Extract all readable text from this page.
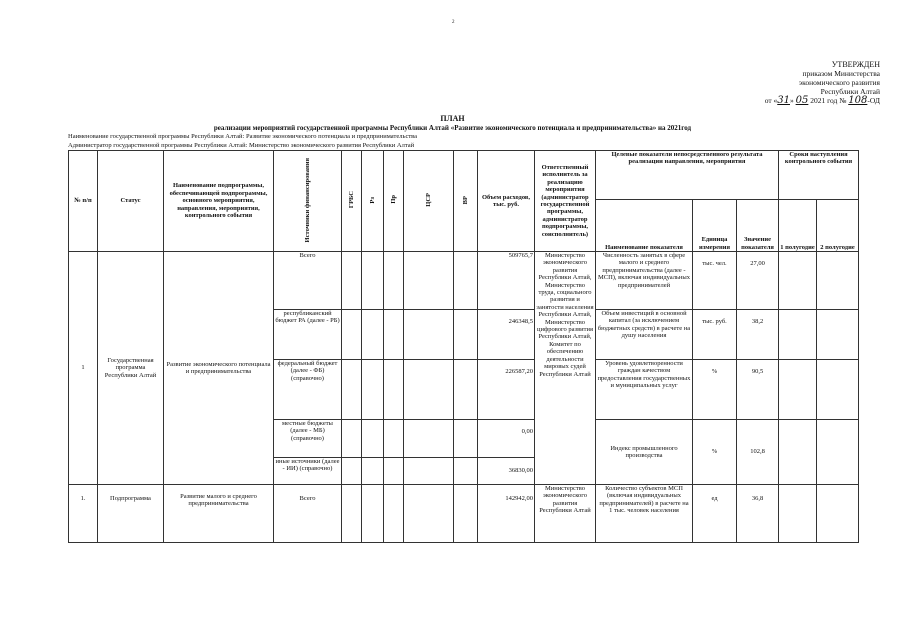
2
УТВЕРЖДЕН
приказом Министерства
экономического развития
Республики Алтай
от «31» 05 2021 год № 108-ОД
ПЛАН
реализации мероприятий государственной программы Республики Алтай «Развитие экономического потенциала и предпринимательства» на 2021год
Наименование государственной программы Республики Алтай: Развитие экономического потенциала и предпринимательства
Администратор государственной программы Республики Алтай: Министерство экономического развития Республики Алтай
№ п/п	Статус	Наименование подпрограммы, обеспечивающей подпрограммы, основного мероприятия, направления, мероприятия, контрольного события	Источники финансирования	ГРБС	Рз	Пр	ЦСР	ВР	Объем расходов, тыс. руб.	Ответственный исполнитель за реализацию мероприятия (администратор государственной программы, администратор подпрограммы, соисполнитель)	Целевые показатели непосредственного результата реализации направления, мероприятия			Сроки наступления контрольного события	
											Наименование показателя	Единица измерения	Значение показателя	1 полугодие	2 полугодие
1	Государственная программа Республики Алтай	Развитие экономического потенциала и предпринимательства	Всего						509765,7	Министерство экономического развития Республики Алтай, Министерство труда, социального развития и занятости населения Республики Алтай, Министерство цифрового развития Республики Алтай, Комитет по обеспечению деятельности мировых судей Республики Алтай	Численность занятых в сфере малого и среднего предпринимательства (далее - МСП), включая индивидуальных предпринимателей	тыс. чел.	27,00		
			республиканский бюджет РА (далее - РБ)						246348,5		Объем инвестиций в основной капитал (за исключением бюджетных средств) в расчете на душу населения	тыс. руб.	38,2		
			федеральный бюджет (далее - ФБ) (справочно)						226587,20		Уровень удовлетворенности граждан качеством предоставления государственных и муниципальных услуг	%	90,5		
			местные бюджеты (далее - МБ) (справочно)						0,00		Индекс промышленного производства	%	102,8		
			иные источники (далее - ИИ) (справочно)						36830,00						
1.	Подпрограмма	Развитие малого и среднего предпринимательства	Всего						142942,00	Министерство экономического развития Республики Алтай	Количество субъектов МСП (включая индивидуальных предпринимателей) в расчете на 1 тыс. человек населения	ед	36,8		
